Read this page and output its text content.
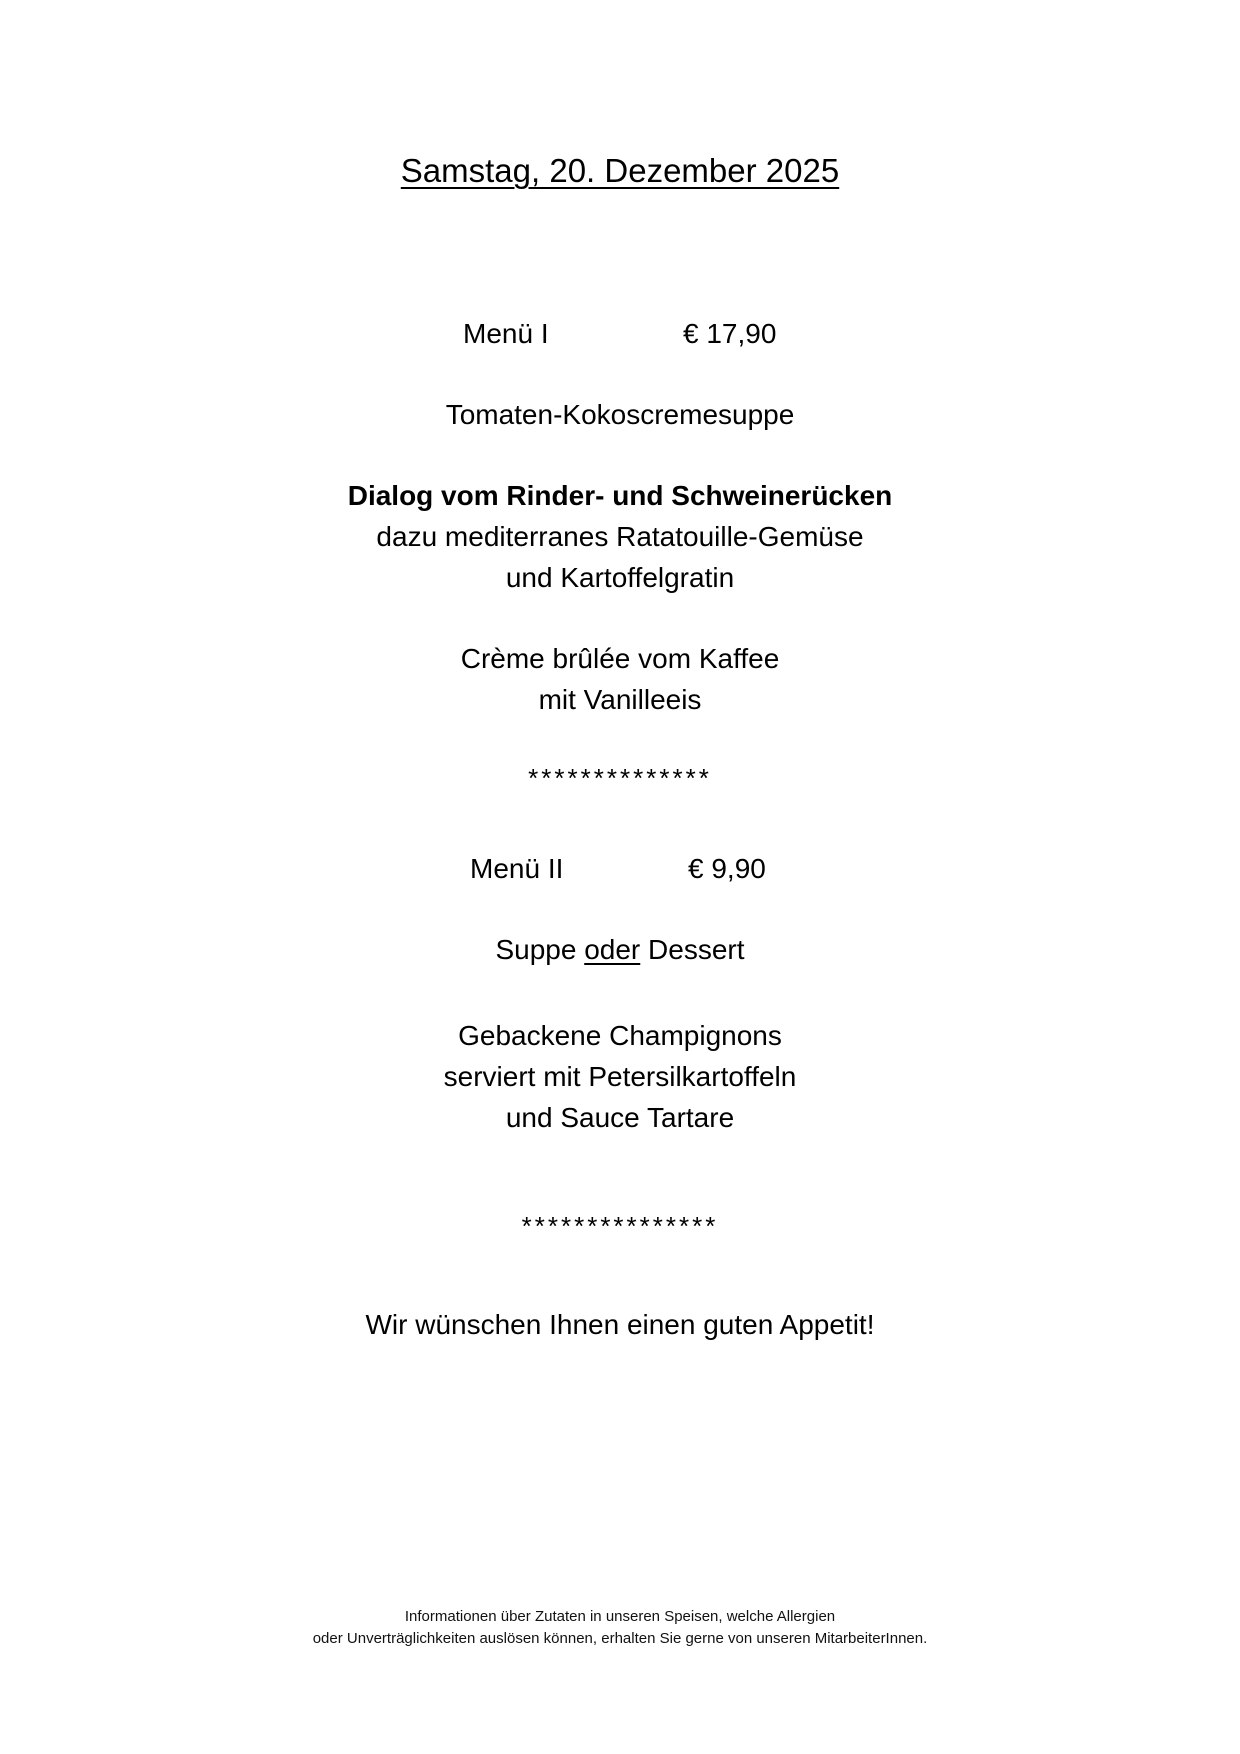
Samstag, 20. Dezember 2025
Menü I	€ 17,90
Tomaten-Kokoscremesuppe
Dialog vom Rinder- und Schweinerücken
dazu mediterranes Ratatouille-Gemüse
und Kartoffelgratin
Crème brûlée vom Kaffee
mit Vanilleeis
**************
Menü II	€ 9,90
Suppe oder Dessert
Gebackene Champignons
serviert mit Petersilkartoffeln
und Sauce Tartare
***************
Wir wünschen Ihnen einen guten Appetit!
Informationen über Zutaten in unseren Speisen, welche Allergien
oder Unverträglichkeiten auslösen können, erhalten Sie gerne von unseren MitarbeiterInnen.
